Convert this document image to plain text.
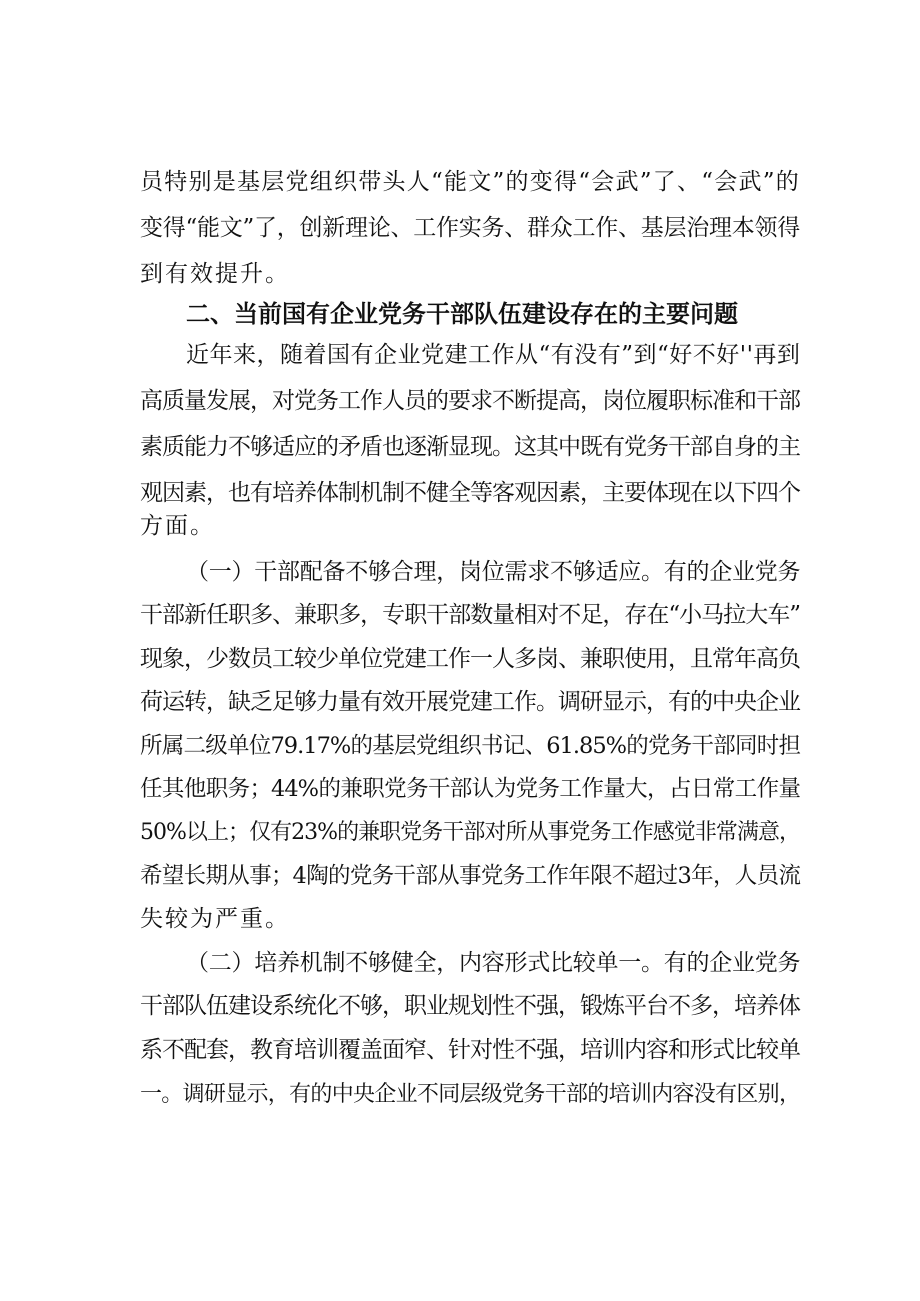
员特别是基层党组织带头人“能文”的变得“会武”了、“会武”的
变得“能文”了，创新理论、工作实务、群众工作、基层治理本领得
到有效提升。
二、当前国有企业党务干部队伍建设存在的主要问题
近年来，随着国有企业党建工作从“有没有”到“好不好''再到
高质量发展，对党务工作人员的要求不断提高，岗位履职标准和干部
素质能力不够适应的矛盾也逐渐显现。这其中既有党务干部自身的主
观因素，也有培养体制机制不健全等客观因素，主要体现在以下四个
方面。
（一）干部配备不够合理，岗位需求不够适应。有的企业党务
干部新任职多、兼职多，专职干部数量相对不足，存在“小马拉大车”
现象，少数员工较少单位党建工作一人多岗、兼职使用，且常年高负
荷运转，缺乏足够力量有效开展党建工作。调研显示，有的中央企业
所属二级单位79.17%的基层党组织书记、61.85%的党务干部同时担
任其他职务；44%的兼职党务干部认为党务工作量大，占日常工作量
50%以上；仅有23%的兼职党务干部对所从事党务工作感觉非常满意，
希望长期从事；4陶的党务干部从事党务工作年限不超过3年，人员流
失较为严重。
（二）培养机制不够健全，内容形式比较单一。有的企业党务
干部队伍建设系统化不够，职业规划性不强，锻炼平台不多，培养体
系不配套，教育培训覆盖面窄、针对性不强，培训内容和形式比较单
一。调研显示，有的中央企业不同层级党务干部的培训内容没有区别，
